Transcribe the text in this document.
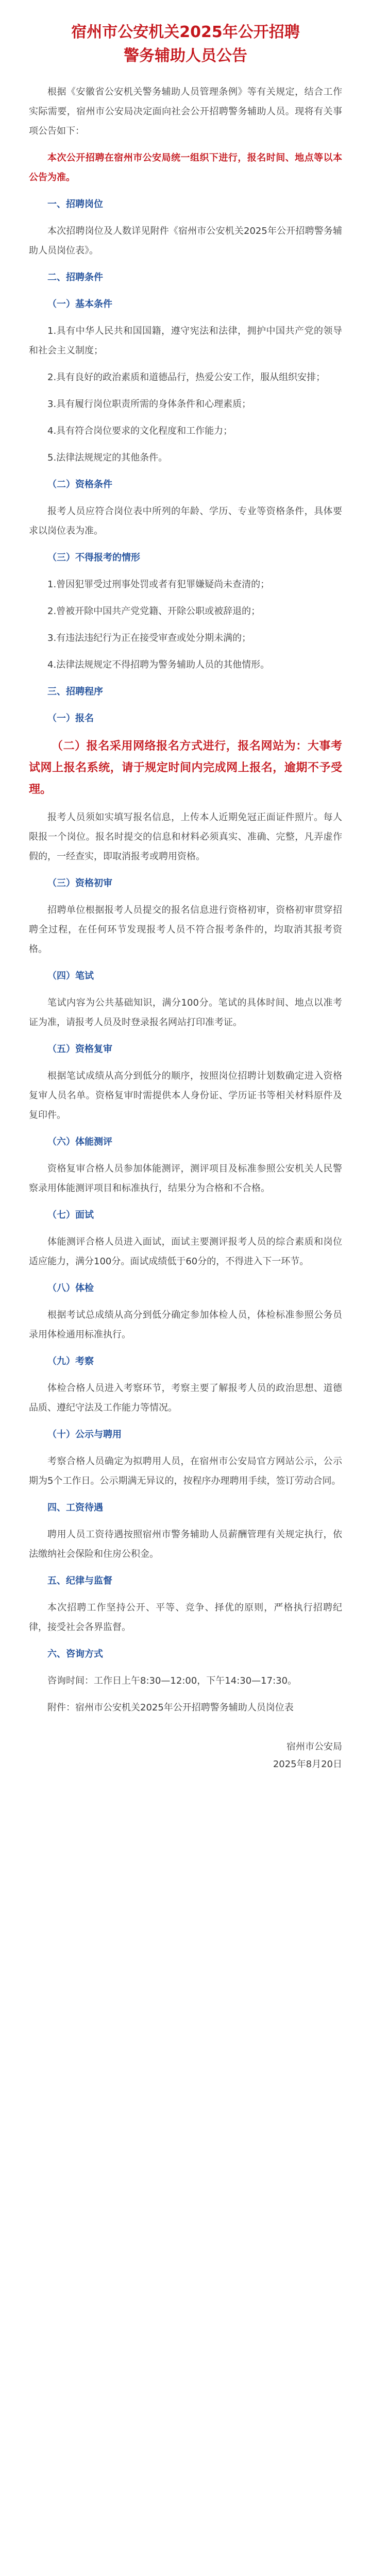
宿州市公安机关2025年公开招聘
警务辅助人员公告

根据《安徽省公安机关警务辅助人员管理条例》等有关规定，结合工作实际需要，宿州市公安局决定面向社会公开招聘警务辅助人员。现将有关事项公告如下：

本次公开招聘在宿州市公安局统一组织下进行，报名时间、地点等以本公告为准。

一、招聘岗位

本次招聘岗位及人数详见附件《宿州市公安机关2025年公开招聘警务辅助人员岗位表》。

二、招聘条件

（一）基本条件

1.具有中华人民共和国国籍，遵守宪法和法律，拥护中国共产党的领导和社会主义制度；

2.具有良好的政治素质和道德品行，热爱公安工作，服从组织安排；

3.具有履行岗位职责所需的身体条件和心理素质；

4.具有符合岗位要求的文化程度和工作能力；

5.法律法规规定的其他条件。

（二）资格条件

报考人员应符合岗位表中所列的年龄、学历、专业等资格条件，具体要求以岗位表为准。

（三）不得报考的情形

1.曾因犯罪受过刑事处罚或者有犯罪嫌疑尚未查清的；

2.曾被开除中国共产党党籍、开除公职或被辞退的；

3.有违法违纪行为正在接受审查或处分期未满的；

4.法律法规规定不得招聘为警务辅助人员的其他情形。

三、招聘程序

（一）报名

（二）报名采用网络报名方式进行，报名网站为：大事考试网上报名系统，请于规定时间内完成网上报名，逾期不予受理。

报考人员须如实填写报名信息，上传本人近期免冠正面证件照片。每人限报一个岗位。报名时提交的信息和材料必须真实、准确、完整，凡弄虚作假的，一经查实，即取消报考或聘用资格。

（三）资格初审

招聘单位根据报考人员提交的报名信息进行资格初审，资格初审贯穿招聘全过程，在任何环节发现报考人员不符合报考条件的，均取消其报考资格。

（四）笔试

笔试内容为公共基础知识，满分100分。笔试的具体时间、地点以准考证为准，请报考人员及时登录报名网站打印准考证。

（五）资格复审

根据笔试成绩从高分到低分的顺序，按照岗位招聘计划数确定进入资格复审人员名单。资格复审时需提供本人身份证、学历证书等相关材料原件及复印件。

（六）体能测评

资格复审合格人员参加体能测评，测评项目及标准参照公安机关人民警察录用体能测评项目和标准执行，结果分为合格和不合格。

（七）面试

体能测评合格人员进入面试，面试主要测评报考人员的综合素质和岗位适应能力，满分100分。面试成绩低于60分的，不得进入下一环节。

（八）体检

根据考试总成绩从高分到低分确定参加体检人员，体检标准参照公务员录用体检通用标准执行。

（九）考察

体检合格人员进入考察环节，考察主要了解报考人员的政治思想、道德品质、遵纪守法及工作能力等情况。

（十）公示与聘用

考察合格人员确定为拟聘用人员，在宿州市公安局官方网站公示，公示期为5个工作日。公示期满无异议的，按程序办理聘用手续，签订劳动合同。

四、工资待遇

聘用人员工资待遇按照宿州市警务辅助人员薪酬管理有关规定执行，依法缴纳社会保险和住房公积金。

五、纪律与监督

本次招聘工作坚持公开、平等、竞争、择优的原则，严格执行招聘纪律，接受社会各界监督。

六、咨询方式

咨询时间：工作日上午8:30—12:00，下午14:30—17:30。

附件：宿州市公安机关2025年公开招聘警务辅助人员岗位表

宿州市公安局
2025年8月20日
